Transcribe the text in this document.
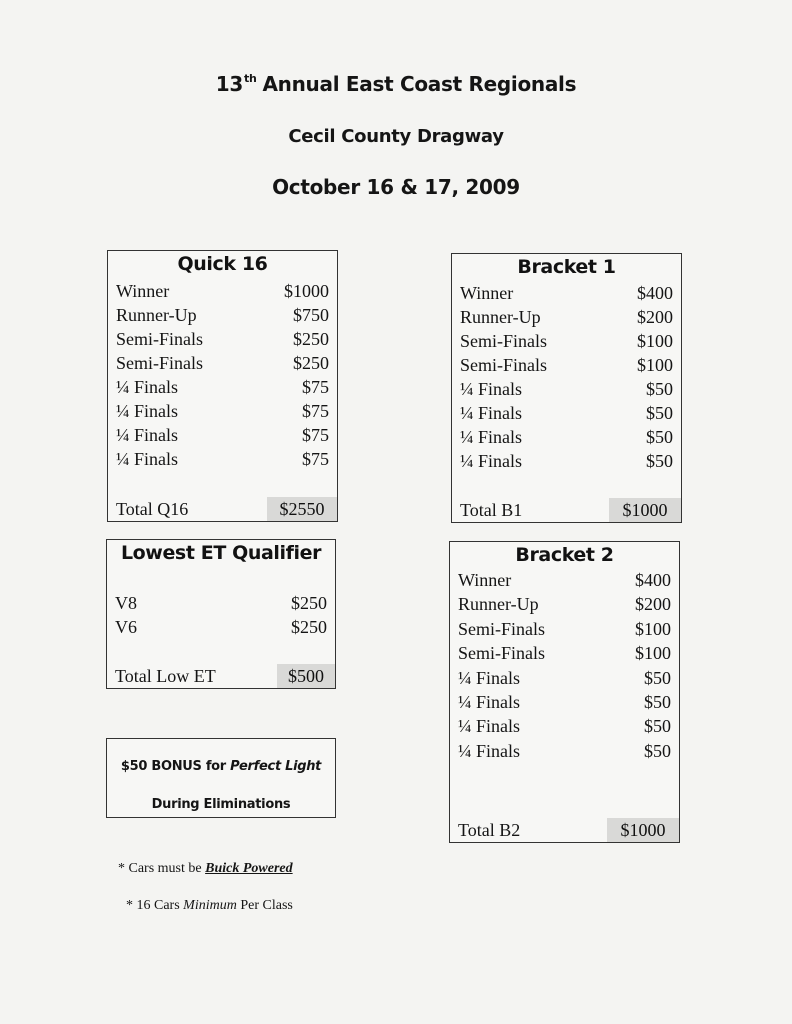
13th Annual East Coast Regionals
Cecil County Dragway
October 16 & 17, 2009
Quick 16
Winner	$1000
Runner-Up	$750
Semi-Finals	$250
Semi-Finals	$250
¼ Finals	$75
¼ Finals	$75
¼ Finals	$75
¼ Finals	$75
Total Q16	$2550
Bracket 1
Winner	$400
Runner-Up	$200
Semi-Finals	$100
Semi-Finals	$100
¼ Finals	$50
¼ Finals	$50
¼ Finals	$50
¼ Finals	$50
Total B1	$1000
Lowest ET Qualifier
V8	$250
V6	$250
Total Low ET	$500
Bracket 2
Winner	$400
Runner-Up	$200
Semi-Finals	$100
Semi-Finals	$100
¼ Finals	$50
¼ Finals	$50
¼ Finals	$50
¼ Finals	$50
Total B2	$1000
$50 BONUS for Perfect Light
During Eliminations
* Cars must be Buick Powered
* 16 Cars Minimum Per Class
